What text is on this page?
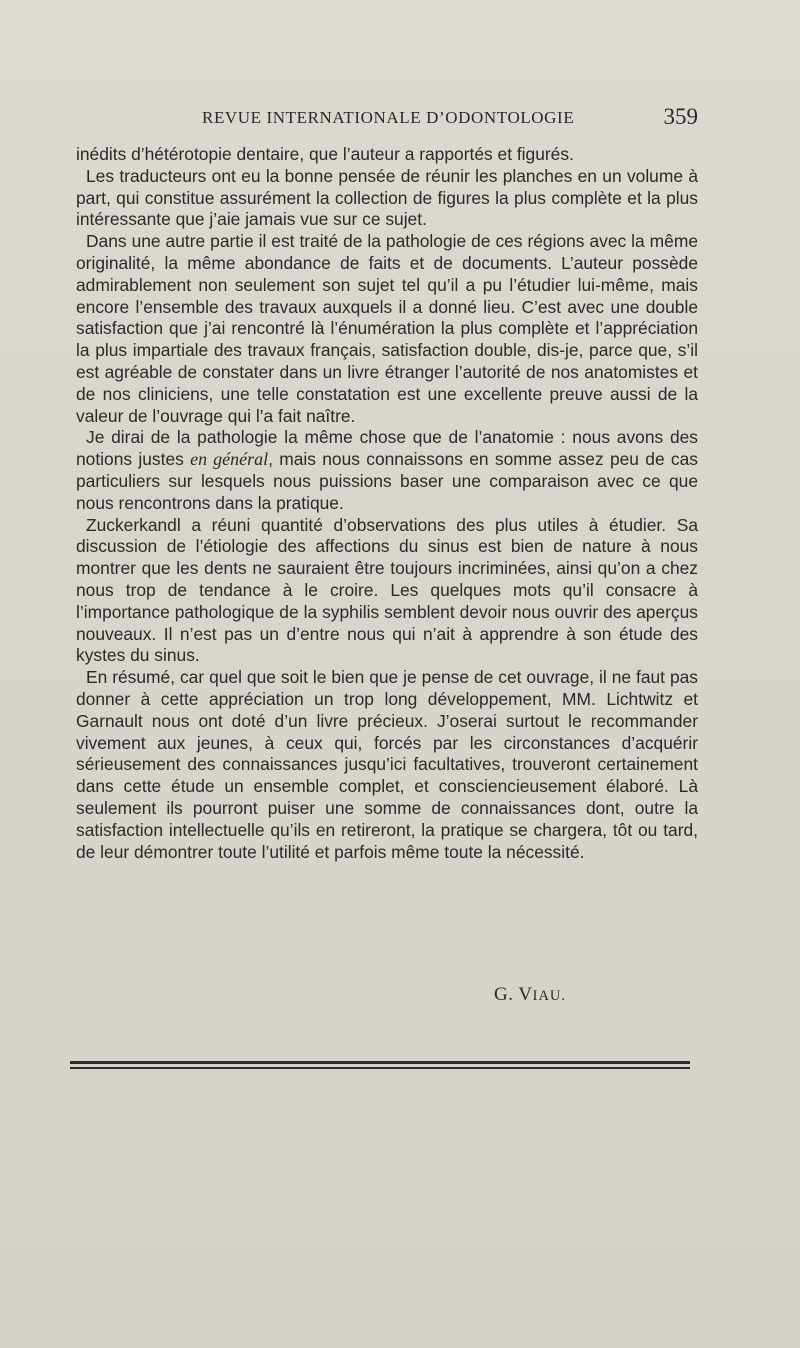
REVUE INTERNATIONALE D’ODONTOLOGIE	359

inédits d’hétérotopie dentaire, que l’auteur a rapportés et figurés.

Les traducteurs ont eu la bonne pensée de réunir les planches en un volume à part, qui constitue assurément la collection de figures la plus complète et la plus intéressante que j’aie jamais vue sur ce sujet.

Dans une autre partie il est traité de la pathologie de ces régions avec la même originalité, la même abondance de faits et de documents. L’auteur possède admirablement non seulement son sujet tel qu’il a pu l’étudier lui-même, mais encore l’ensemble des travaux auxquels il a donné lieu. C’est avec une double satisfaction que j’ai rencontré là l’énumération la plus complète et l’appréciation la plus impartiale des travaux français, satisfaction double, dis-je, parce que, s’il est agréable de constater dans un livre étranger l’autorité de nos anatomistes et de nos cliniciens, une telle constatation est une excellente preuve aussi de la valeur de l’ouvrage qui l’a fait naître.

Je dirai de la pathologie la même chose que de l’anatomie : nous avons des notions justes en général, mais nous connaissons en somme assez peu de cas particuliers sur lesquels nous puissions baser une comparaison avec ce que nous rencontrons dans la pratique.

Zuckerkandl a réuni quantité d’observations des plus utiles à étudier. Sa discussion de l’étiologie des affections du sinus est bien de nature à nous montrer que les dents ne sauraient être toujours incriminées, ainsi qu’on a chez nous trop de tendance à le croire. Les quelques mots qu’il consacre à l’importance pathologique de la syphilis semblent devoir nous ouvrir des aperçus nouveaux. Il n’est pas un d’entre nous qui n’ait à apprendre à son étude des kystes du sinus.

En résumé, car quel que soit le bien que je pense de cet ouvrage, il ne faut pas donner à cette appréciation un trop long développement, MM. Lichtwitz et Garnault nous ont doté d’un livre précieux. J’oserai surtout le recommander vivement aux jeunes, à ceux qui, forcés par les circonstances d’acquérir sérieusement des connaissances jusqu’ici facultatives, trouveront certainement dans cette étude un ensemble complet, et consciencieusement élaboré. Là seulement ils pourront puiser une somme de connaissances dont, outre la satisfaction intellectuelle qu’ils en retireront, la pratique se chargera, tôt ou tard, de leur démontrer toute l’utilité et parfois même toute la nécessité.

G. VIAU.
